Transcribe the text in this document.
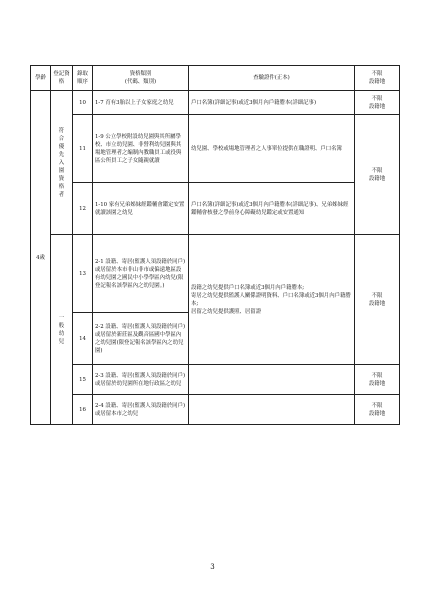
學齡	登記資格	錄取順序	資格類別
(代碼、類別)	查驗證件(正本)	不限
設籍地
4歲	符合優先入園資格者	10	1-7 育有3胎以上子女家庭之幼兒	戶口名簿(詳細記事)或近3個月內戶籍謄本(詳細記事)	不限
設籍地
		11	1-9 公立學校附設幼兒園與其所屬學校、市立幼兒園、非營利幼兒園與其場地管理者之編制內教職員工或役與區公所員工之子女隨親就讀	幼兒園、學校或場地管理者之人事單位提供在職證明、戶口名簿	不限
設籍地
		12	1-10 家有兄弟姊妹經鑑輔會鑑定安置就讀該園之幼兒	戶口名簿(詳細記事)或近3個月內戶籍謄本(詳細記事)、兄弟姊妹經鑑輔會核發之學前身心障礙幼兒鑑定或安置通知	
	一般幼兒	13	2-1 設籍、寄居(監護人須設籍於同戶)或居留於本市非山非市或偏遠地區設有幼兒園之國民中小學學區內幼兒(限登記報名該學區內之幼兒園。)	設籍之幼兒提供戶口名簿或近3個月內戶籍謄本;
寄居之幼兒提供監護人關係證明資料、戶口名簿或近3個月內戶籍謄本;
居留之幼兒提供護照、居留證	不限
設籍地
		14	2-2 設籍、寄居(監護人須設籍於同戶)或居留於新莊區及觀音區國中學區內之幼兒園(限登記報名該學區內之幼兒園)		
		15	2-3 設籍、寄居(監護人須設籍於同戶)或居留於幼兒園所在地行政區之幼兒		不限
設籍地
		16	2-4 設籍、寄居(監護人須設籍於同戶)或居留本市之幼兒		不限
設籍地
3
